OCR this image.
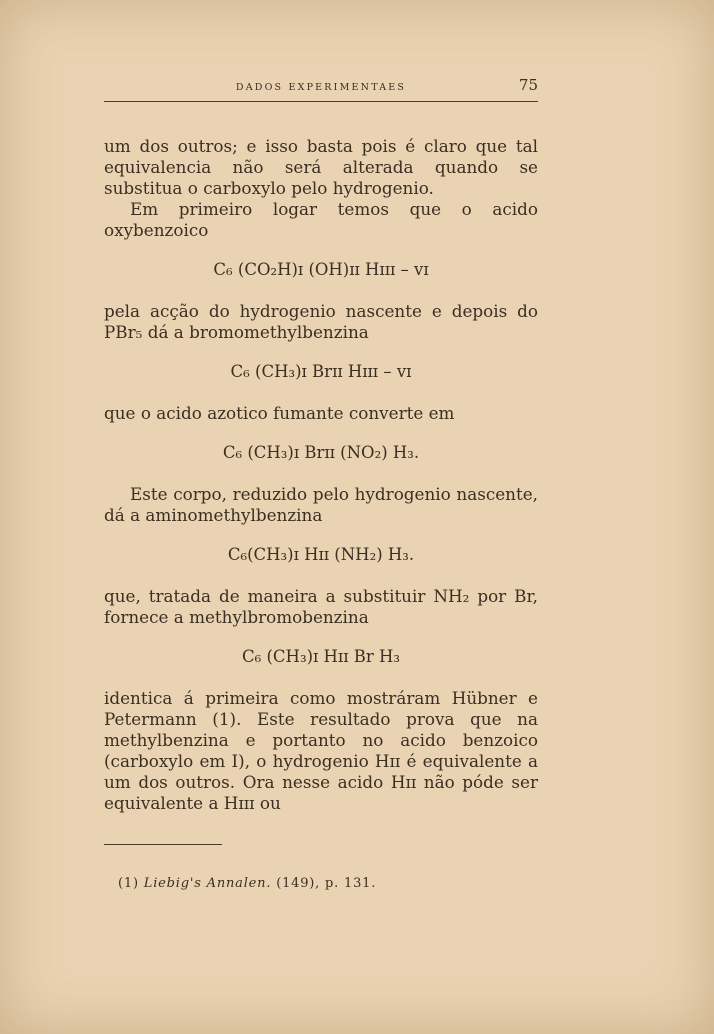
DADOS EXPERIMENTAES	75

um dos outros; e isso basta pois é claro que tal equivalencia não será alterada quando se substitua o carboxylo pelo hydrogenio.

Em primeiro logar temos que o acido oxybenzoico

C₆ (CO₂H)ɪ (OH)ɪɪ Hɪɪɪ – ᴠɪ

pela acção do hydrogenio nascente e depois do PBr₅ dá a bromomethylbenzina

C₆ (CH₃)ɪ Brɪɪ Hɪɪɪ – ᴠɪ

que o acido azotico fumante converte em

C₆ (CH₃)ɪ Brɪɪ (NO₂) H₃.

Este corpo, reduzido pelo hydrogenio nascente, dá a aminomethylbenzina

C₆(CH₃)ɪ Hɪɪ (NH₂) H₃.

que, tratada de maneira a substituir NH₂ por Br, fornece a methylbromobenzina

C₆ (CH₃)ɪ Hɪɪ Br H₃

identica á primeira como mostráram Hübner e Petermann (1). Este resultado prova que na methylbenzina e portanto no acido benzoico (carboxylo em I), o hydrogenio Hɪɪ é equivalente a um dos outros. Ora nesse acido Hɪɪ não póde ser equivalente a Hɪɪɪ ou

(1) Liebig's Annalen. (149), p. 131.
